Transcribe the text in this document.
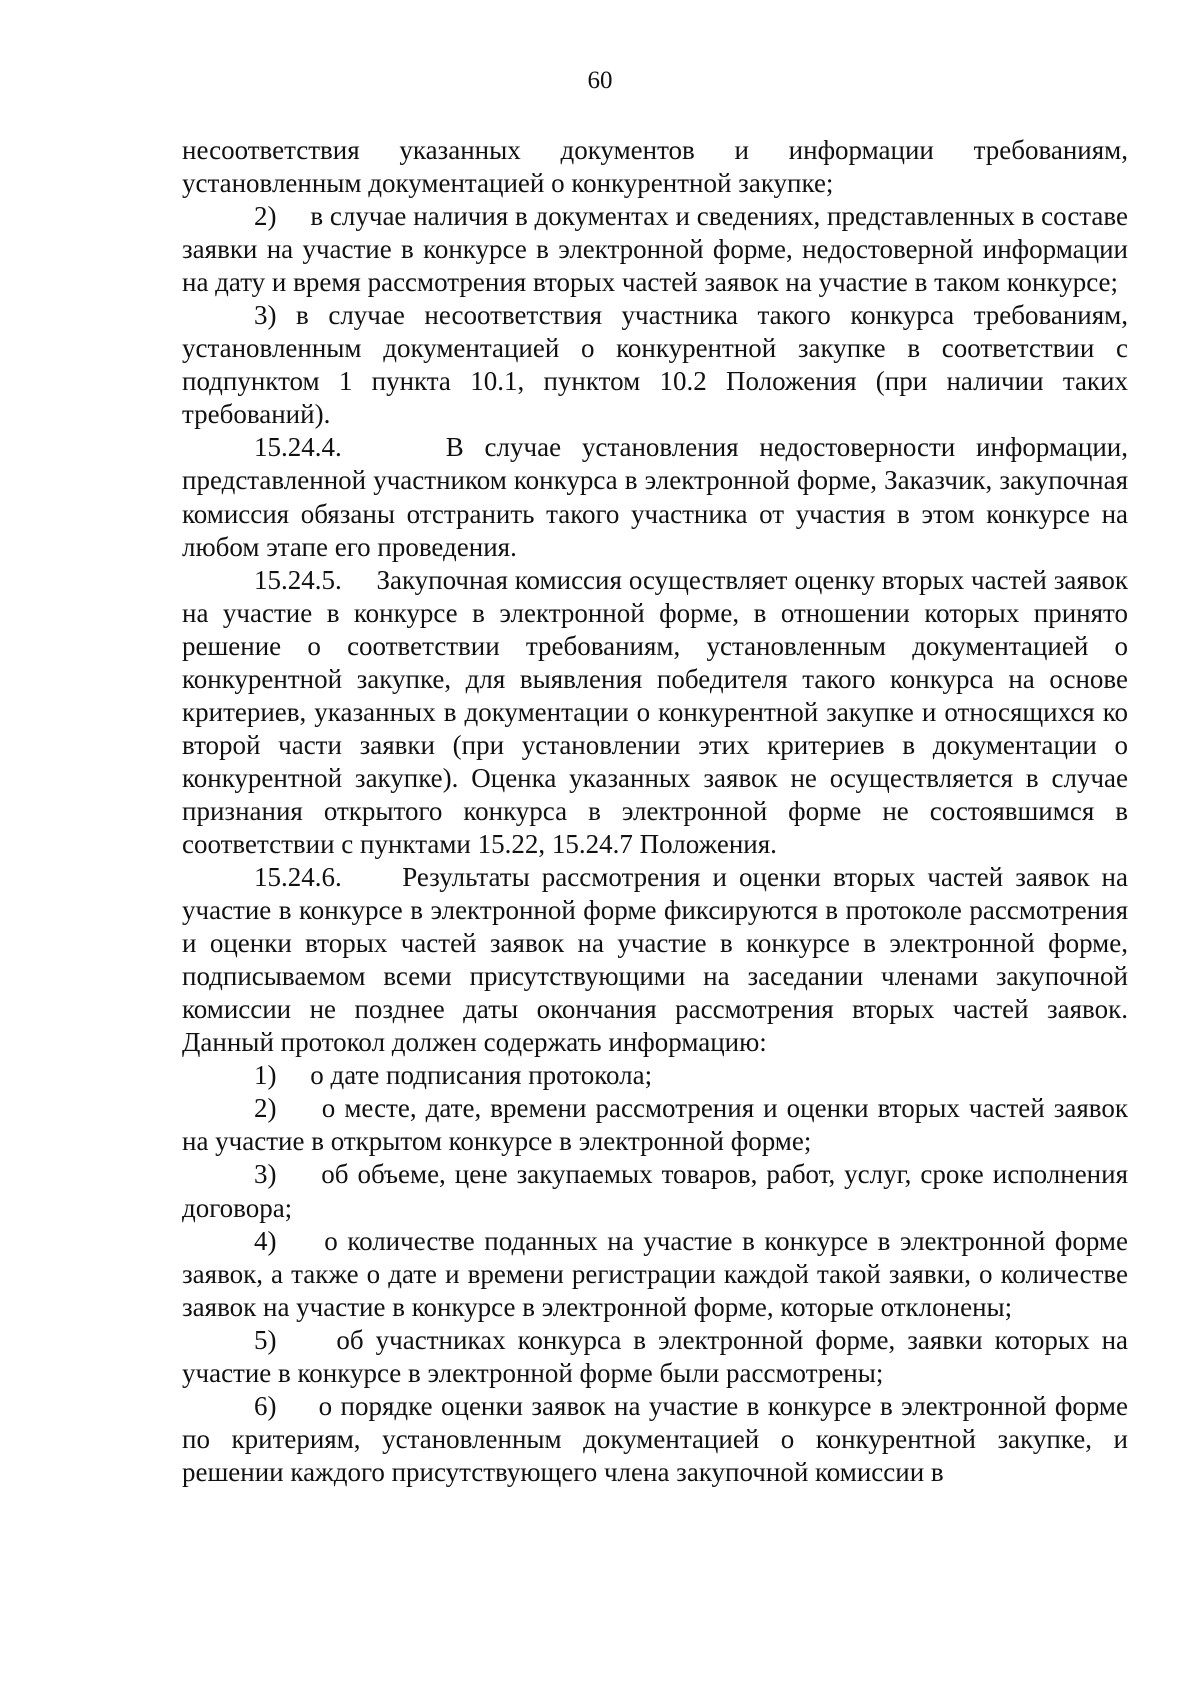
60

несоответствия указанных документов и информации требованиям, установленным документацией о конкурентной закупке;

2)     в случае наличия в документах и сведениях, представленных в составе заявки на участие в конкурсе в электронной форме, недостоверной информации на дату и время рассмотрения вторых частей заявок на участие в таком конкурсе;

3) в случае несоответствия участника такого конкурса требованиям, установленным документацией о конкурентной закупке в соответствии с подпунктом 1 пункта 10.1, пунктом 10.2 Положения (при наличии таких требований).

15.24.4.     В случае установления недостоверности информации, представленной участником конкурса в электронной форме, Заказчик, закупочная комиссия обязаны отстранить такого участника от участия в этом конкурсе на любом этапе его проведения.

15.24.5.     Закупочная комиссия осуществляет оценку вторых частей заявок на участие в конкурсе в электронной форме, в отношении которых принято решение о соответствии требованиям, установленным документацией о конкурентной закупке, для выявления победителя такого конкурса на основе критериев, указанных в документации о конкурентной закупке и относящихся ко второй части заявки (при установлении этих критериев в документации о конкурентной закупке). Оценка указанных заявок не осуществляется в случае признания открытого конкурса в электронной форме не состоявшимся в соответствии с пунктами 15.22, 15.24.7 Положения.

15.24.6.     Результаты рассмотрения и оценки вторых частей заявок на участие в конкурсе в электронной форме фиксируются в протоколе рассмотрения и оценки вторых частей заявок на участие в конкурсе в электронной форме, подписываемом всеми присутствующими на заседании членами закупочной комиссии не позднее даты окончания рассмотрения вторых частей заявок. Данный протокол должен содержать информацию:

1)     о дате подписания протокола;

2)     о месте, дате, времени рассмотрения и оценки вторых частей заявок на участие в открытом конкурсе в электронной форме;

3)     об объеме, цене закупаемых товаров, работ, услуг, сроке исполнения договора;

4)     о количестве поданных на участие в конкурсе в электронной форме заявок, а также о дате и времени регистрации каждой такой заявки, о количестве заявок на участие в конкурсе в электронной форме, которые отклонены;

5)     об участниках конкурса в электронной форме, заявки которых на участие в конкурсе в электронной форме были рассмотрены;

6)     о порядке оценки заявок на участие в конкурсе в электронной форме по критериям, установленным документацией о конкурентной закупке, и решении каждого присутствующего члена закупочной комиссии в
